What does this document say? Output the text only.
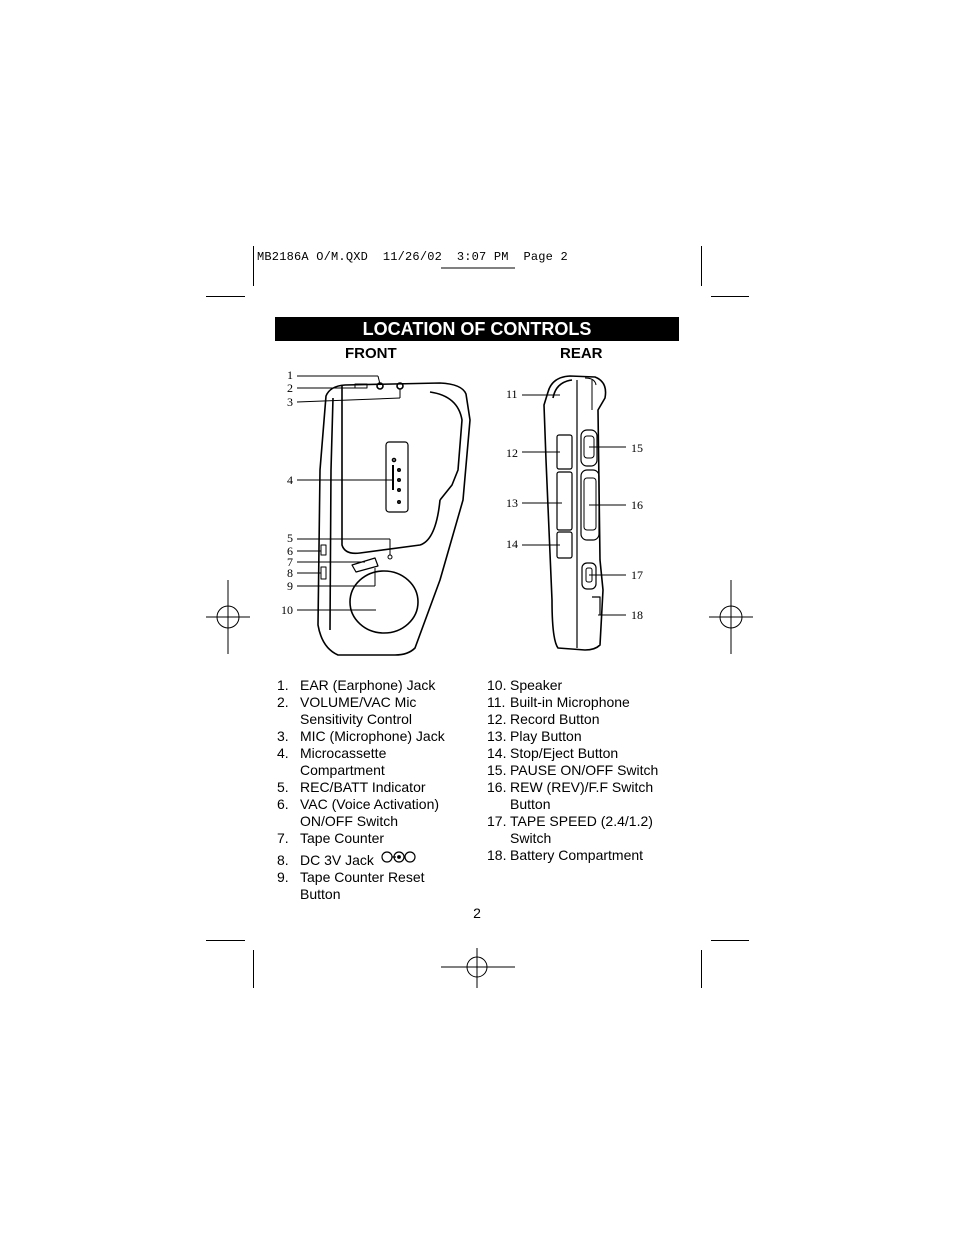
MB2186A O/M.QXD  11/26/02  3:07 PM  Page 2
LOCATION OF CONTROLS
FRONT	REAR
1
2
3
4
5
6
7
8
9
10
11
12
13
14
15
16
17
18
1. EAR (Earphone) Jack
2. VOLUME/VAC Mic
Sensitivity Control
3. MIC (Microphone) Jack
4. Microcassette
Compartment
5. REC/BATT Indicator
6. VAC (Voice Activation)
ON/OFF Switch
7. Tape Counter
8. DC 3V Jack
9. Tape Counter Reset
Button
10. Speaker
11. Built-in Microphone
12. Record Button
13. Play Button
14. Stop/Eject Button
15. PAUSE ON/OFF Switch
16. REW (REV)/F.F Switch
Button
17. TAPE SPEED (2.4/1.2)
Switch
18. Battery Compartment
2
